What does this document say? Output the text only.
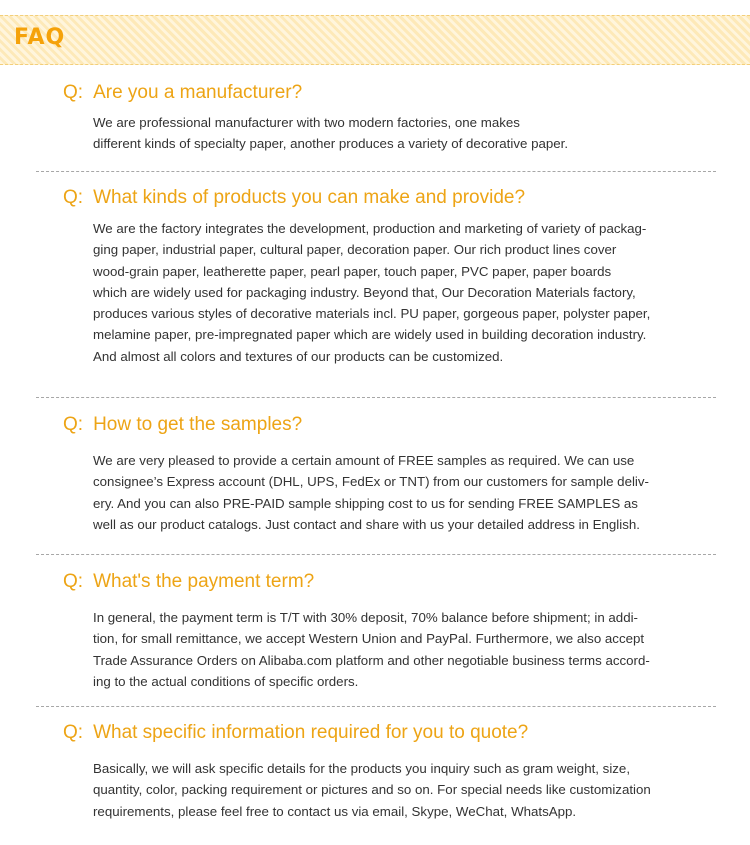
FAQ
Q: Are you a manufacturer?

We are professional manufacturer with two modern factories, one makes
different kinds of specialty paper, another produces a variety of decorative paper.

Q: What kinds of products you can make and provide?

We are the factory integrates the development, production and marketing of variety of packag-
ging paper, industrial paper, cultural paper, decoration paper. Our rich product lines cover
wood-grain paper, leatherette paper, pearl paper, touch paper, PVC paper, paper boards
which are widely used for packaging industry. Beyond that, Our Decoration Materials factory,
produces various styles of decorative materials incl. PU paper, gorgeous paper, polyster paper,
melamine paper, pre-impregnated paper which are widely used in building decoration industry.
And almost all colors and textures of our products can be customized.

Q: How to get the samples?

We are very pleased to provide a certain amount of FREE samples as required. We can use
consignee’s Express account (DHL, UPS, FedEx or TNT) from our customers for sample deliv-
ery. And you can also PRE-PAID sample shipping cost to us for sending FREE SAMPLES as
well as our product catalogs. Just contact and share with us your detailed address in English.

Q: What's the payment term?

In general, the payment term is T/T with 30% deposit, 70% balance before shipment; in addi-
tion, for small remittance, we accept Western Union and PayPal. Furthermore, we also accept
Trade Assurance Orders on Alibaba.com platform and other negotiable business terms accord-
ing to the actual conditions of specific orders.

Q: What specific information required for you to quote?

Basically, we will ask specific details for the products you inquiry such as gram weight, size,
quantity, color, packing requirement or pictures and so on. For special needs like customization
requirements, please feel free to contact us via email, Skype, WeChat, WhatsApp.
